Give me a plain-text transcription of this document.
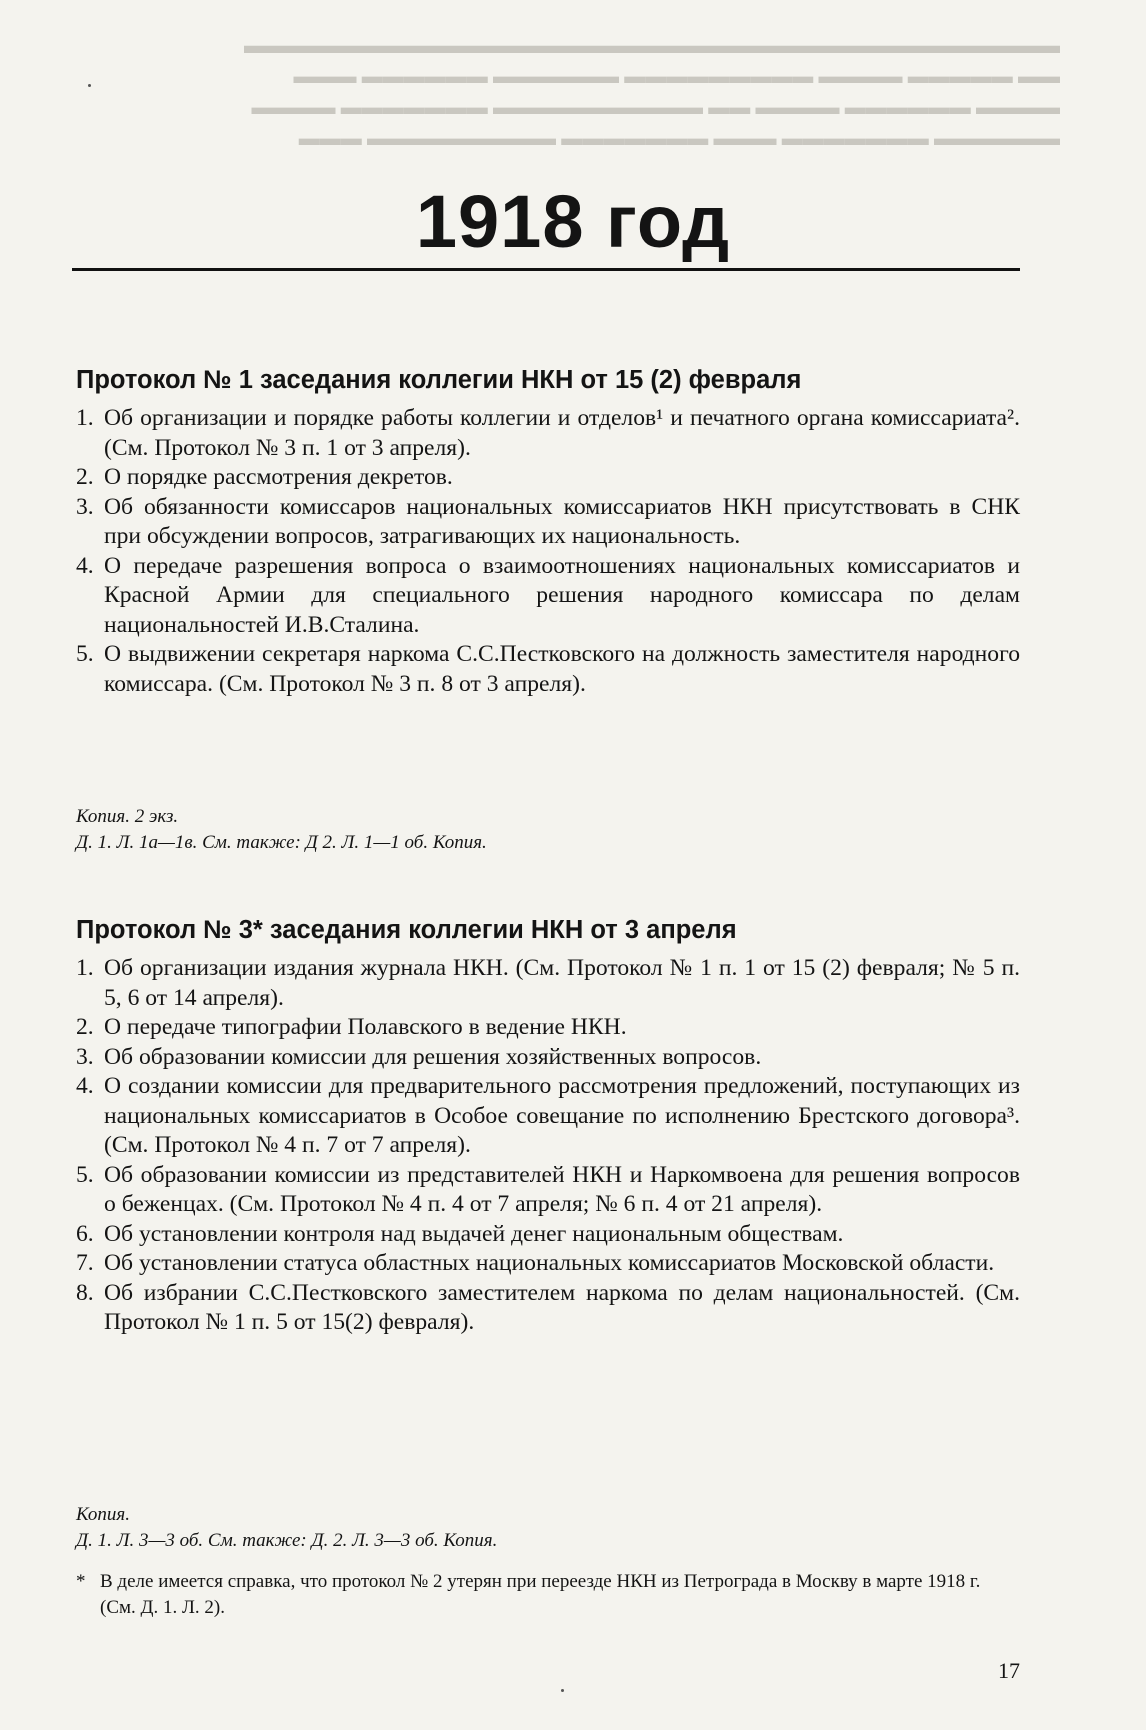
▬▬▬▬▬▬▬▬▬▬▬▬▬▬▬▬▬▬▬▬▬▬▬▬▬▬▬▬▬▬▬▬▬▬
▬▬ ▬▬▬▬▬ ▬▬▬▬ ▬▬▬▬▬▬▬▬▬ ▬▬▬▬▬▬ ▬▬▬▬▬▬ ▬▬▬
▬▬▬▬ ▬▬▬▬▬▬ ▬▬▬▬ ▬▬ ▬▬▬▬▬▬▬▬▬▬ ▬▬▬▬▬▬▬ ▬▬▬▬
▬▬▬▬▬▬ ▬▬▬▬▬▬▬ ▬▬▬ ▬▬▬▬▬▬▬ ▬▬▬▬▬▬▬▬▬ ▬▬▬
1918 год
Протокол № 1 заседания коллегии НКН от 15 (2) февраля
1. Об организации и порядке работы коллегии и отделов¹ и печатного органа комиссариата². (См. Протокол № 3 п. 1 от 3 апреля).
2. О порядке рассмотрения декретов.
3. Об обязанности комиссаров национальных комиссариатов НКН присутствовать в СНК при обсуждении вопросов, затрагивающих их национальность.
4. О передаче разрешения вопроса о взаимоотношениях национальных комиссариатов и Красной Армии для специального решения народного комиссара по делам национальностей И.В.Сталина.
5. О выдвижении секретаря наркома С.С.Пестковского на должность заместителя народного комиссара. (См. Протокол № 3 п. 8 от 3 апреля).
Копия. 2 экз.
Д. 1. Л. 1а—1в. См. также: Д 2. Л. 1—1 об. Копия.
Протокол № 3* заседания коллегии НКН от 3 апреля
1. Об организации издания журнала НКН. (См. Протокол № 1 п. 1 от 15 (2) февраля; № 5 п. 5, 6 от 14 апреля).
2. О передаче типографии Полавского в ведение НКН.
3. Об образовании комиссии для решения хозяйственных вопросов.
4. О создании комиссии для предварительного рассмотрения предложений, поступающих из национальных комиссариатов в Особое совещание по исполнению Брестского договора³. (См. Протокол № 4 п. 7 от 7 апреля).
5. Об образовании комиссии из представителей НКН и Наркомвоена для решения вопросов о беженцах. (См. Протокол № 4 п. 4 от 7 апреля; № 6 п. 4 от 21 апреля).
6. Об установлении контроля над выдачей денег национальным обществам.
7. Об установлении статуса областных национальных комиссариатов Московской области.
8. Об избрании С.С.Пестковского заместителем наркома по делам национальностей. (См. Протокол № 1 п. 5 от 15(2) февраля).
Копия.
Д. 1. Л. 3—3 об. См. также: Д. 2. Л. 3—3 об. Копия.
* В деле имеется справка, что протокол № 2 утерян при переезде НКН из Петрограда в Москву в марте 1918 г. (См. Д. 1. Л. 2).
17
